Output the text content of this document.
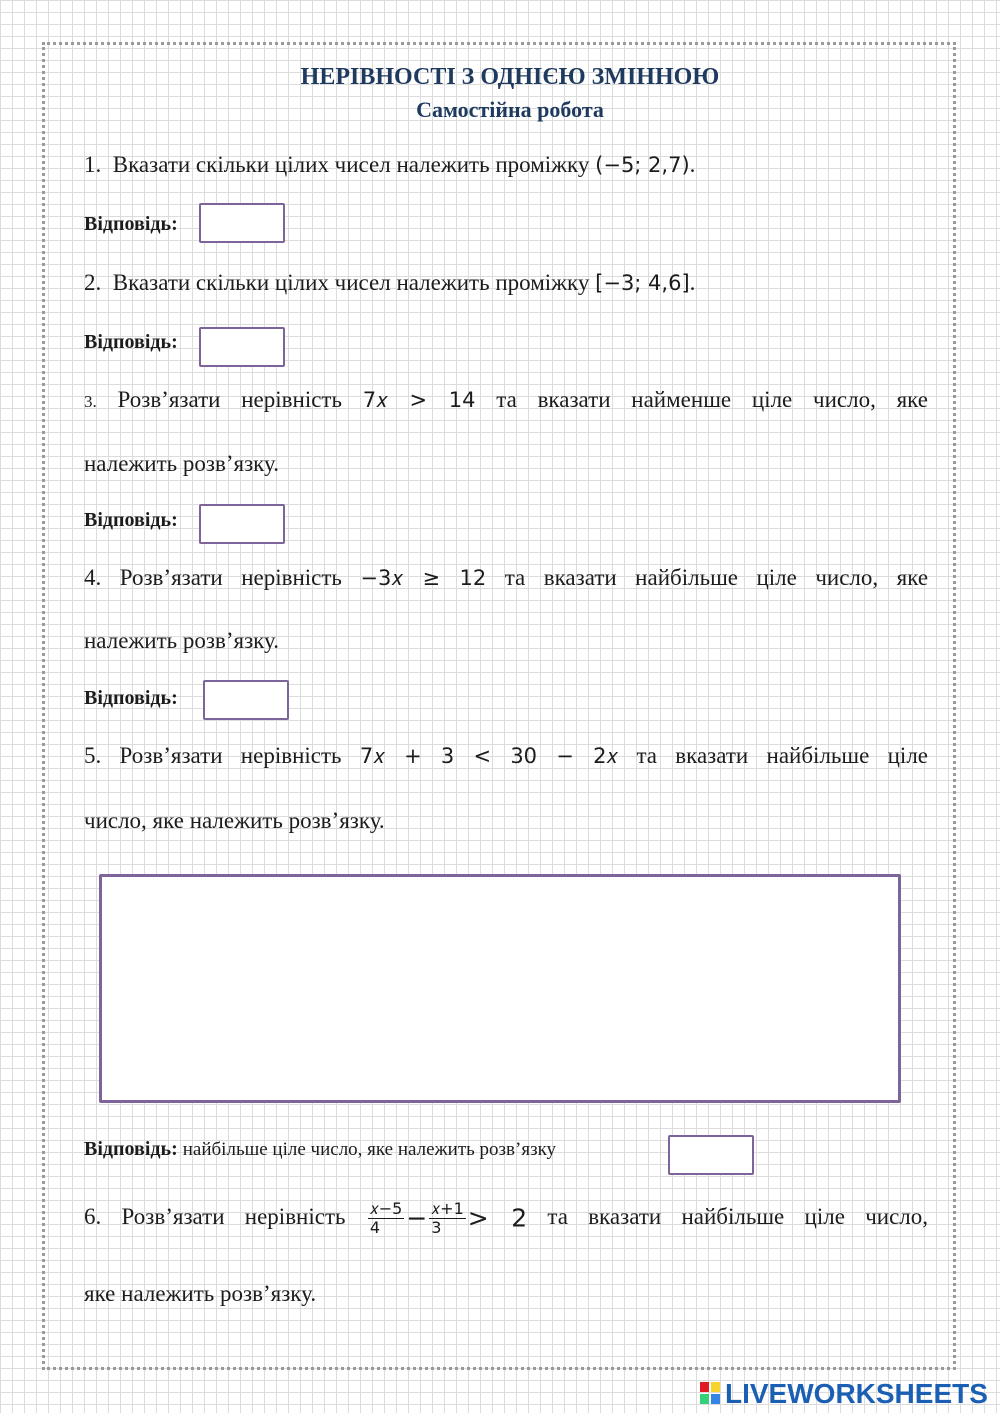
НЕРІВНОСТІ З ОДНІЄЮ ЗМІННОЮ
Самостійна робота
1. Вказати скільки цілих чисел належить проміжку (−5; 2,7).
Відповідь:
2. Вказати скільки цілих чисел належить проміжку [−3; 4,6].
Відповідь:
3. Розв’язати нерівність 7𝑥 > 14 та вказати найменше ціле число, яке
належить розв’язку.
Відповідь:
4. Розв’язати нерівність −3𝑥 ≥ 12 та вказати найбільше ціле число, яке
належить розв’язку.
Відповідь:
5. Розв’язати нерівність 7𝑥 + 3 < 30 − 2𝑥 та вказати найбільше ціле
число, яке належить розв’язку.
Відповідь: найбільше ціле число, яке належить розв’язку
6. Розв’язати нерівність $\frac{\text{𝑥−5}}{4} - \frac{\text{𝑥+1}}{3} > 2$ та вказати найбільше ціле число,
яке належить розв’язку.
LIVEWORKSHEETS
